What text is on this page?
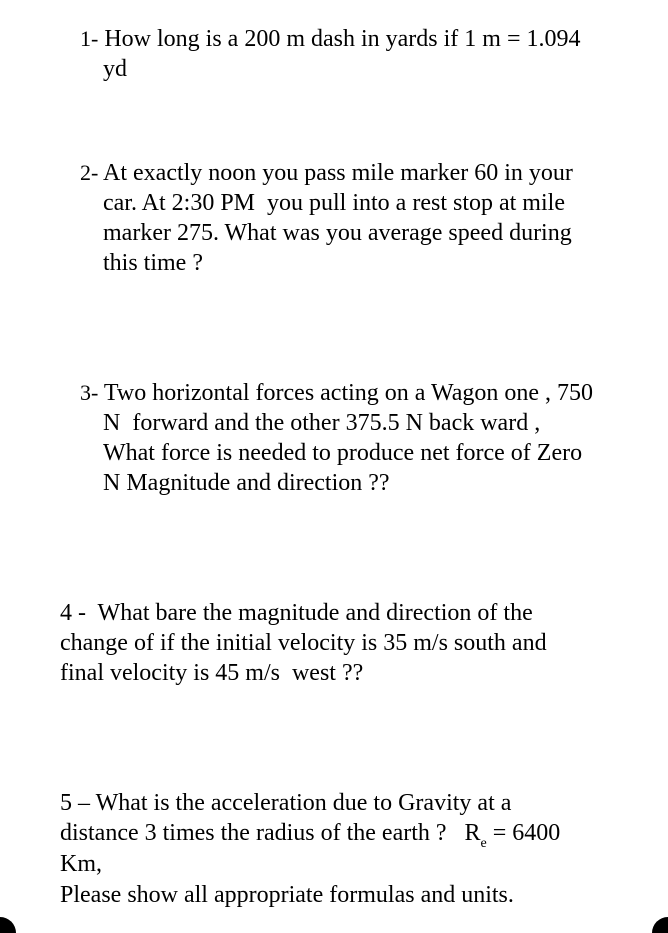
1- How long is a 200 m dash in yards if 1 m = 1.094
yd
2- At exactly noon you pass mile marker 60 in your
car. At 2:30 PM  you pull into a rest stop at mile
marker 275. What was you average speed during
this time ?
3- Two horizontal forces acting on a Wagon one , 750
N  forward and the other 375.5 N back ward ,
What force is needed to produce net force of Zero
N Magnitude and direction ??
4 -  What bare the magnitude and direction of the
change of if the initial velocity is 35 m/s south and
final velocity is 45 m/s  west ??
5 – What is the acceleration due to Gravity at a
distance 3 times the radius of the earth ? $R_e = 6400$
Km,
Please show all appropriate formulas and units.
